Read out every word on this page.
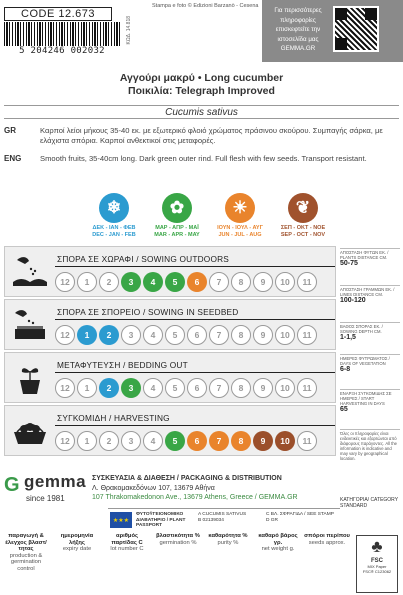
CODE 12.673
5 204246 002032
Stampa e foto © Edizioni Barzanò - Cesena
ΚΩΔ. 14.818
Για περισσότερες πληροφορίες επισκεφτείτε την ιστοσελίδα μας GEMMA.GR
Αγγούρι μακρύ • Long cucumber
Ποικιλία: Telegraph Improved
Cucumis sativus
GR	Καρποί λείοι μήκους 35-40 εκ. με εξωτερικό φλοιό χρώματος πράσινου σκούρου. Συμπαγής σάρκα, με ελάχιστα σπόρια. Καρποί ανθεκτικοί στις μεταφορές.
ENG Smooth fruits, 35-40cm long. Dark green outer rind. Full flesh with few seeds. Transport resistant.
❄
ΔΕΚ - ΙΑΝ - ΦΕΒ
DEC - JAN - FEB
✿
ΜΑΡ - ΑΠΡ - ΜΑΪ
MAR - APR - MAY
☀
ΙΟΥΝ - ΙΟΥΛ - ΑΥΓ
JUN - JUL - AUG
❦
ΣΕΠ - ΟΚΤ - ΝΟΕ
SEP - OCT - NOV
ΣΠΟΡΑ ΣΕ ΧΩΡΑΦΙ / SOWING OUTDOORS
12	1	2	3	4	5	6	7	8	9	10	11
ΣΠΟΡΑ ΣΕ ΣΠΟΡΕΙΟ / SOWING IN SEEDBED
12	1	2	3	4	5	6	7	8	9	10	11
ΜΕΤΑΦΥΤΕΥΣΗ / BEDDING OUT
12	1	2	3	4	5	6	7	8	9	10	11
ΣΥΓΚΟΜΙΔΗ / HARVESTING
12	1	2	3	4	5	6	7	8	9	10	11
ΑΠΟΣΤΑΣΗ ΦΥΤΩΝ ΕΚ. / PLANTS DISTANCE CM.
50-75
ΑΠΟΣΤΑΣΗ ΓΡΑΜΜΩΝ ΕΚ. / LINES DISTANCE CM.
100-120
ΒΑΘΟΣ ΣΠΟΡΑΣ ΕΚ. / SOWING DEPTH CM.
1-1,5
ΗΜΕΡΕΣ ΦΥΤΡΩΜΑΤΟΣ / DAYS OF VEGETATION
6-8
ΕΝΑΡΞΗ ΣΥΓΚΟΜΙΔΗΣ ΣΕ ΗΜΕΡΕΣ / START HARVESTING IN DAYS
65
Όλες οι πληροφορίες είναι ενδεικτικές και εξαρτώνται από διάφορους παράγοντες. All the information is indicative and may vary by geographical location.
G gemma
since 1981
ΣΥΣΚΕΥΑΣΙΑ & ΔΙΑΘΕΣΗ / PACKAGING & DISTRIBUTION
Λ. Θρακομακεδόνων 107, 13679 Αθήνα
107 Thrakomakedonon Ave., 13679 Athens, Greece / GEMMA.GR	ΚΑΤΗΓΟΡΙΑ/ CATEGORY STANDARD
★★★
ΦΥΤΟΫΓΕΙΟΝΟΜΙΚΟ ΔΙΑΒΑΤΗΡΙΟ / PLANT PASSPORT
A CUCUMIS SATIVUS
B 02139034
C ΒΛ. ΣΦΡΑΓΙΔΑ / SEE STAMP
D GR
παραγωγή & έλεγχος βλαστ/τητας
production & germination control
ημερομηνία λήξης
expiry date
αριθμός παρτίδας C
lot number C
βλαστικότητα %
germination %
καθαρότητα %
purity %
καθαρό βάρος γρ.
net weight g.
σπόροι περίπου
seeds approx.	♣
FSC
MIX Paper
FSC® C123062
